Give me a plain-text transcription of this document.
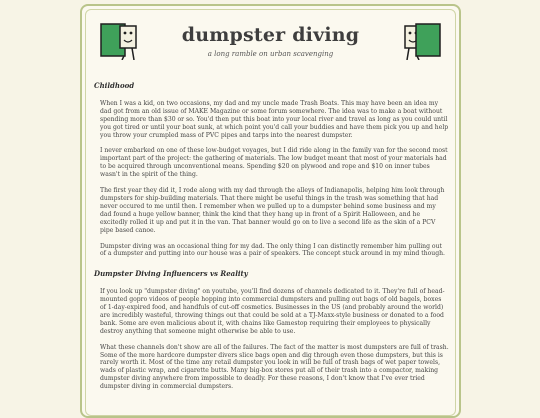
dumpster diving
a long ramble on urban scavenging
Childhood

When I was a kid, on two occasions, my dad and my uncle made Trash Boats. This may have been an idea my dad got from an old issue of MAKE Magazine or some forum somewhere. The idea was to make a boat without spending more than $30 or so. You'd then put this boat into your local river and travel as long as you could until you got tired or until your boat sunk, at which point you'd call your buddies and have them pick you up and help you throw your crumpled mass of PVC pipes and tarps into the nearest dumpster.

I never embarked on one of these low-budget voyages, but I did ride along in the family van for the second most important part of the project: the gathering of materials. The low budget meant that most of your materials had to be acquired through unconventional means. Spending $20 on plywood and rope and $10 on inner tubes wasn't in the spirit of the thing.

The first year they did it, I rode along with my dad through the alleys of Indianapolis, helping him look through dumpsters for ship-building materials. That there might be useful things in the trash was something that had never occured to me until then. I remember when we pulled up to a dumpster behind some business and my dad found a huge yellow banner, think the kind that they hang up in front of a Spirit Halloween, and he excitedly rolled it up and put it in the van. That banner would go on to live a second life as the skin of a PCV pipe based canoe.

Dumpster diving was an occasional thing for my dad. The only thing I can distinctly remember him pulling out of a dumpster and putting into our house was a pair of speakers. The concept stuck around in my mind though.

Dumpster Diving Influencers vs Reality

If you look up "dumpster diving" on youtube, you'll find dozens of channels dedicated to it. They're full of head-mounted gopro videos of people hopping into commercial dumpsters and pulling out bags of old bagels, boxes of 1-day-expired food, and handfuls of cut-off cosmetics. Businesses in the US (and probably around the world) are incredibly wasteful, throwing things out that could be sold at a TJ-Maxx-style business or donated to a food bank. Some are even malicious about it, with chains like Gamestop requiring their employees to physically destroy anything that someone might otherwise be able to use.

What these channels don't show are all of the failures. The fact of the matter is most dumpsters are full of trash. Some of the more hardcore dumpster divers slice bags open and dig through even those dumpsters, but this is rarely worth it. Most of the time any retail dumpster you look in will be full of trash bags of wet paper towels, wads of plastic wrap, and cigarette butts. Many big-box stores put all of their trash into a compactor, making dumpster diving anywhere from impossible to deadly. For these reasons, I don't know that I've ever tried dumpster diving in commercial dumpsters.
